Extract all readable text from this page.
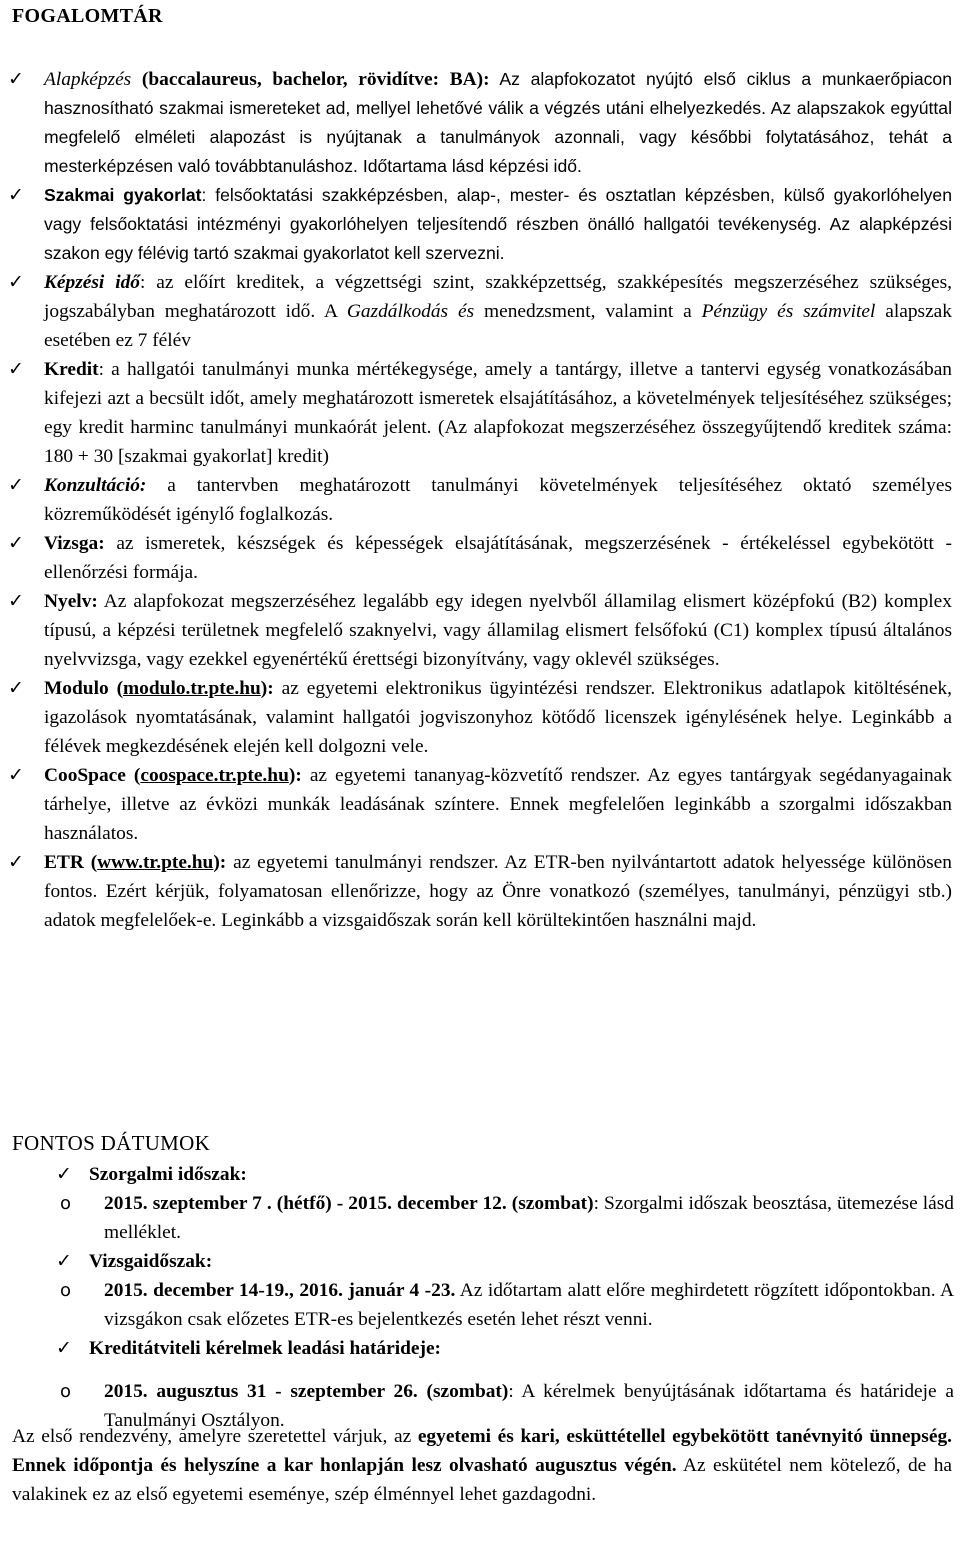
FOGALOMTÁR
✓ Alapképzés (baccalaureus, bachelor, rövidítve: BA): Az alapfokozatot nyújtó első ciklus a munkaerőpiacon hasznosítható szakmai ismereteket ad, mellyel lehetővé válik a végzés utáni elhelyezkedés. Az alapszakok egyúttal megfelelő elméleti alapozást is nyújtanak a tanulmányok azonnali, vagy későbbi folytatásához, tehát a mesterképzésen való továbbtanuláshoz. Időtartama lásd képzési idő.
✓ Szakmai gyakorlat: felsőoktatási szakképzésben, alap-, mester- és osztatlan képzésben, külső gyakorlóhelyen vagy felsőoktatási intézményi gyakorlóhelyen teljesítendő részben önálló hallgatói tevékenység. Az alapképzési szakon egy félévig tartó szakmai gyakorlatot kell szervezni.
✓ Képzési idő: az előírt kreditek, a végzettségi szint, szakképzettség, szakképesítés megszerzéséhez szükséges, jogszabályban meghatározott idő. A Gazdálkodás és menedzsment, valamint a Pénzügy és számvitel alapszak esetében ez 7 félév
✓ Kredit: a hallgatói tanulmányi munka mértékegysége, amely a tantárgy, illetve a tantervi egység vonatkozásában kifejezi azt a becsült időt, amely meghatározott ismeretek elsajátításához, a követelmények teljesítéséhez szükséges; egy kredit harminc tanulmányi munkaórát jelent. (Az alapfokozat megszerzéséhez összegyűjtendő kreditek száma: 180 + 30 [szakmai gyakorlat] kredit)
✓ Konzultáció: a tantervben meghatározott tanulmányi követelmények teljesítéséhez oktató személyes közreműködését igénylő foglalkozás.
✓ Vizsga: az ismeretek, készségek és képességek elsajátításának, megszerzésének - értékeléssel egybekötött - ellenőrzési formája.
✓ Nyelv: Az alapfokozat megszerzéséhez legalább egy idegen nyelvből államilag elismert középfokú (B2) komplex típusú, a képzési területnek megfelelő szaknyelvi, vagy államilag elismert felsőfokú (C1) komplex típusú általános nyelvvizsga, vagy ezekkel egyenértékű érettségi bizonyítvány, vagy oklevél szükséges.
✓ Modulo (modulo.tr.pte.hu): az egyetemi elektronikus ügyintézési rendszer. Elektronikus adatlapok kitöltésének, igazolások nyomtatásának, valamint hallgatói jogviszonyhoz kötődő licenszek igénylésének helye. Leginkább a félévek megkezdésének elején kell dolgozni vele.
✓ CooSpace (coospace.tr.pte.hu): az egyetemi tananyag-közvetítő rendszer. Az egyes tantárgyak segédanyagainak tárhelye, illetve az évközi munkák leadásának színtere. Ennek megfelelően leginkább a szorgalmi időszakban használatos.
✓ ETR (www.tr.pte.hu): az egyetemi tanulmányi rendszer. Az ETR-ben nyilvántartott adatok helyessége különösen fontos. Ezért kérjük, folyamatosan ellenőrizze, hogy az Önre vonatkozó (személyes, tanulmányi, pénzügyi stb.) adatok megfelelőek-e. Leginkább a vizsgaidőszak során kell körültekintően használni majd.
FONTOS DÁTUMOK
✓ Szorgalmi időszak:
o 2015. szeptember 7 . (hétfő) - 2015. december 12. (szombat): Szorgalmi időszak beosztása, ütemezése lásd melléklet.
✓ Vizsgaidőszak:
o 2015. december 14-19., 2016. január 4 -23. Az időtartam alatt előre meghirdetett rögzített időpontokban. A vizsgákon csak előzetes ETR-es bejelentkezés esetén lehet részt venni.
✓ Kreditátviteli kérelmek leadási határideje:
o 2015. augusztus 31 - szeptember 26. (szombat): A kérelmek benyújtásának időtartama és határideje a Tanulmányi Osztályon.
Az első rendezvény, amelyre szeretettel várjuk, az egyetemi és kari, esküttétellel egybekötött tanévnyitó ünnepség. Ennek időpontja és helyszíne a kar honlapján lesz olvasható augusztus végén. Az eskütétel nem kötelező, de ha valakinek ez az első egyetemi eseménye, szép élménnyel lehet gazdagodni.
